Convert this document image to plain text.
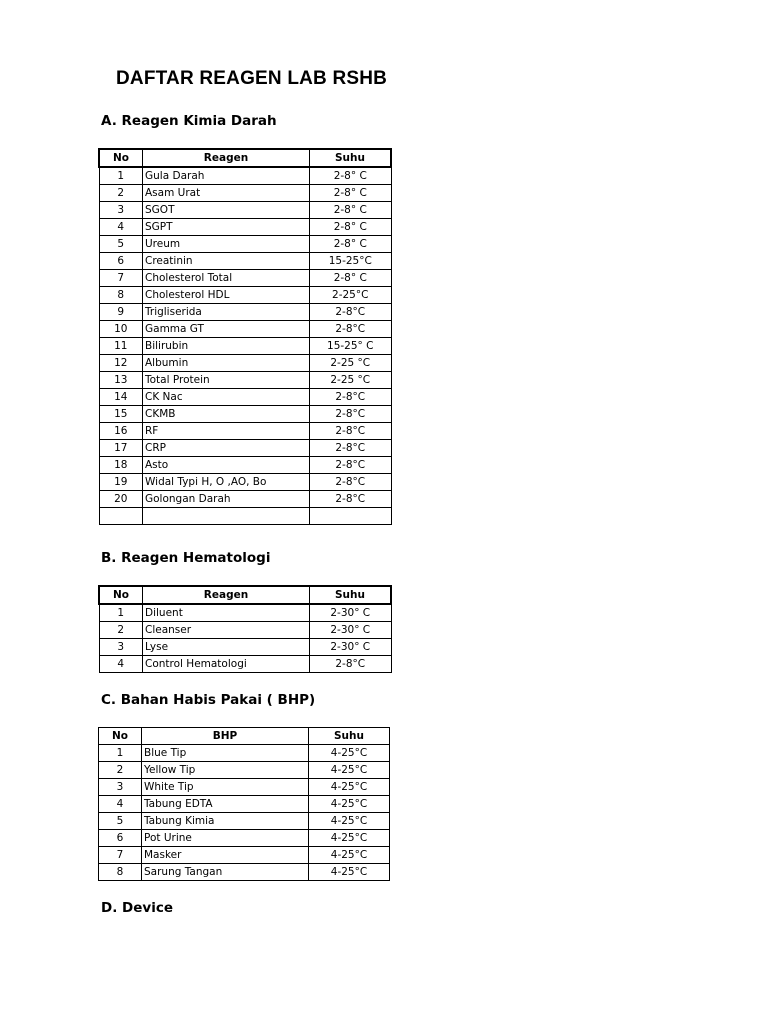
DAFTAR REAGEN LAB RSHB
A. Reagen Kimia Darah
No	Reagen	Suhu
1	Gula Darah	2-8° C
2	Asam Urat	2-8° C
3	SGOT	2-8° C
4	SGPT	2-8° C
5	Ureum	2-8° C
6	Creatinin	15-25°C
7	Cholesterol Total	2-8° C
8	Cholesterol HDL	2-25°C
9	Trigliserida	2-8°C
10	Gamma GT	2-8°C
11	Bilirubin	15-25° C
12	Albumin	2-25 °C
13	Total Protein	2-25 °C
14	CK Nac	2-8°C
15	CKMB	2-8°C
16	RF	2-8°C
17	CRP	2-8°C
18	Asto	2-8°C
19	Widal Typi H, O ,AO, Bo	2-8°C
20	Golongan Darah	2-8°C

B. Reagen Hematologi
No	Reagen	Suhu
1	Diluent	2-30° C
2	Cleanser	2-30° C
3	Lyse	2-30° C
4	Control Hematologi	2-8°C
C. Bahan Habis Pakai ( BHP)
No	BHP	Suhu
1	Blue Tip	4-25°C
2	Yellow Tip	4-25°C
3	White Tip	4-25°C
4	Tabung EDTA	4-25°C
5	Tabung Kimia	4-25°C
6	Pot Urine	4-25°C
7	Masker	4-25°C
8	Sarung Tangan	4-25°C
D. Device
